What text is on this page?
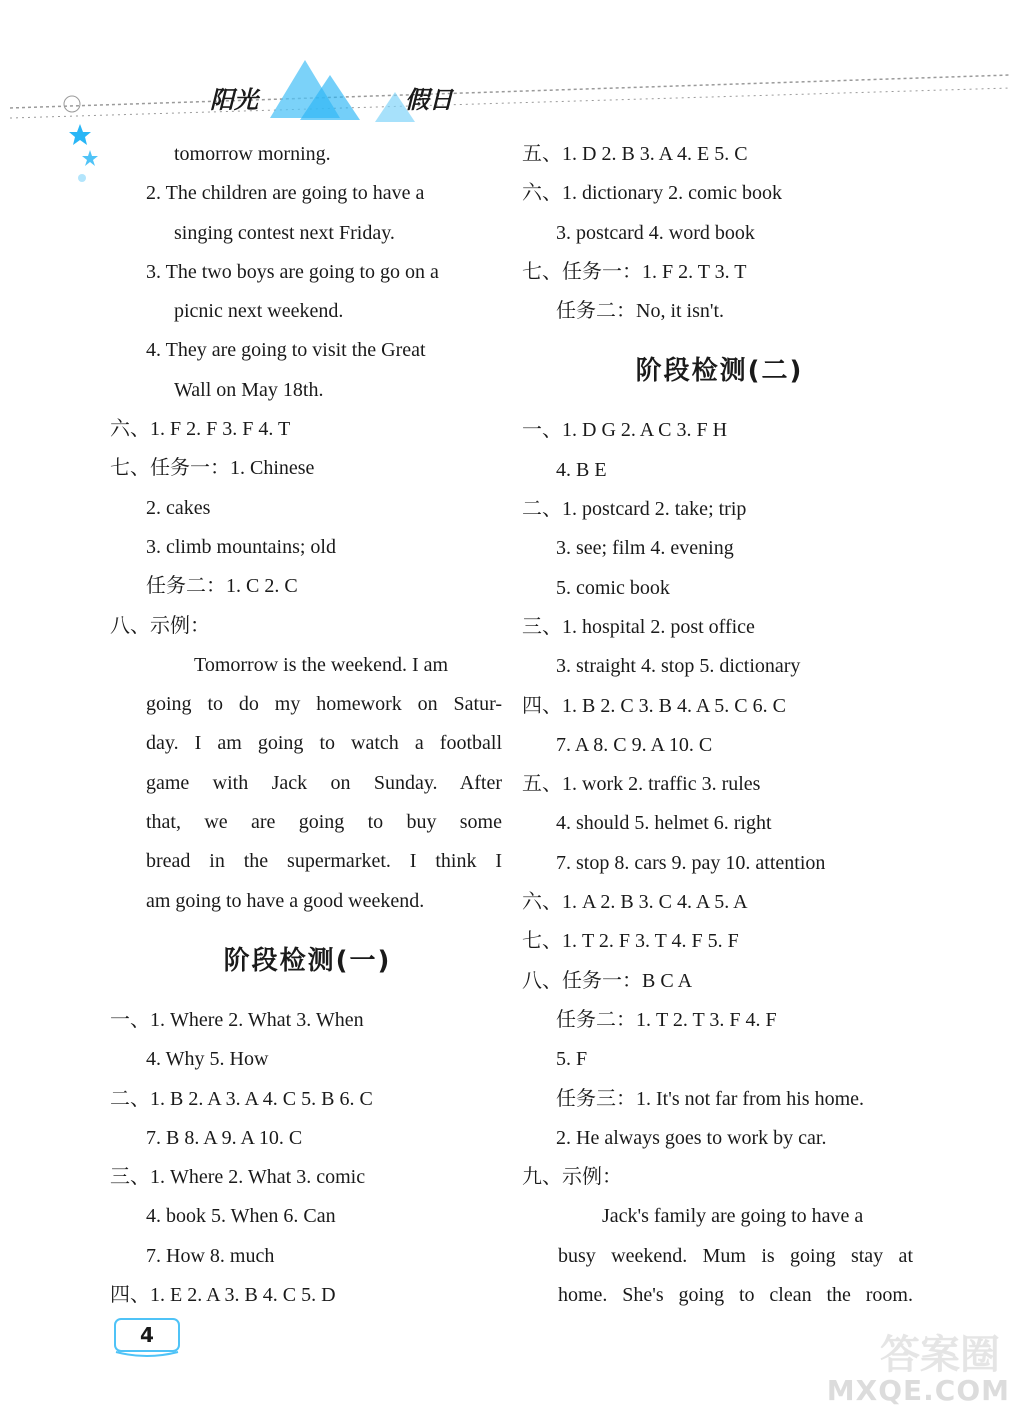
阳光	假日
tomorrow morning.
2. The children are going to have a
singing contest next Friday.
3. The two boys are going to go on a
picnic next weekend.
4. They are going to visit the Great
Wall on May 18th.
六、1. F 2. F 3. F 4. T
七、任务一：1. Chinese
2. cakes
3. climb mountains; old
任务二：1. C 2. C
八、示例：
Tomorrow is the weekend. I am
going to do my homework on Satur-
day. I am going to watch a football
game with Jack on Sunday. After
that, we are going to buy some
bread in the supermarket. I think I
am going to have a good weekend.
阶段检测(一)
一、1. Where 2. What 3. When
4. Why 5. How
二、1. B 2. A 3. A 4. C 5. B 6. C
7. B 8. A 9. A 10. C
三、1. Where 2. What 3. comic
4. book 5. When 6. Can
7. How 8. much
四、1. E 2. A 3. B 4. C 5. D
五、1. D 2. B 3. A 4. E 5. C
六、1. dictionary 2. comic book
3. postcard 4. word book
七、任务一：1. F 2. T 3. T
任务二：No, it isn't.
阶段检测(二)
一、1. D G 2. A C 3. F H
4. B E
二、1. postcard 2. take; trip
3. see; film 4. evening
5. comic book
三、1. hospital 2. post office
3. straight 4. stop 5. dictionary
四、1. B 2. C 3. B 4. A 5. C 6. C
7. A 8. C 9. A 10. C
五、1. work 2. traffic 3. rules
4. should 5. helmet 6. right
7. stop 8. cars 9. pay 10. attention
六、1. A 2. B 3. C 4. A 5. A
七、1. T 2. F 3. T 4. F 5. F
八、任务一：B C A
任务二：1. T 2. T 3. F 4. F
5. F
任务三：1. It's not far from his home.
2. He always goes to work by car.
九、示例：
Jack's family are going to have a
busy weekend. Mum is going stay at
home. She's going to clean the room.
4	答案圈
MXQE.COM
